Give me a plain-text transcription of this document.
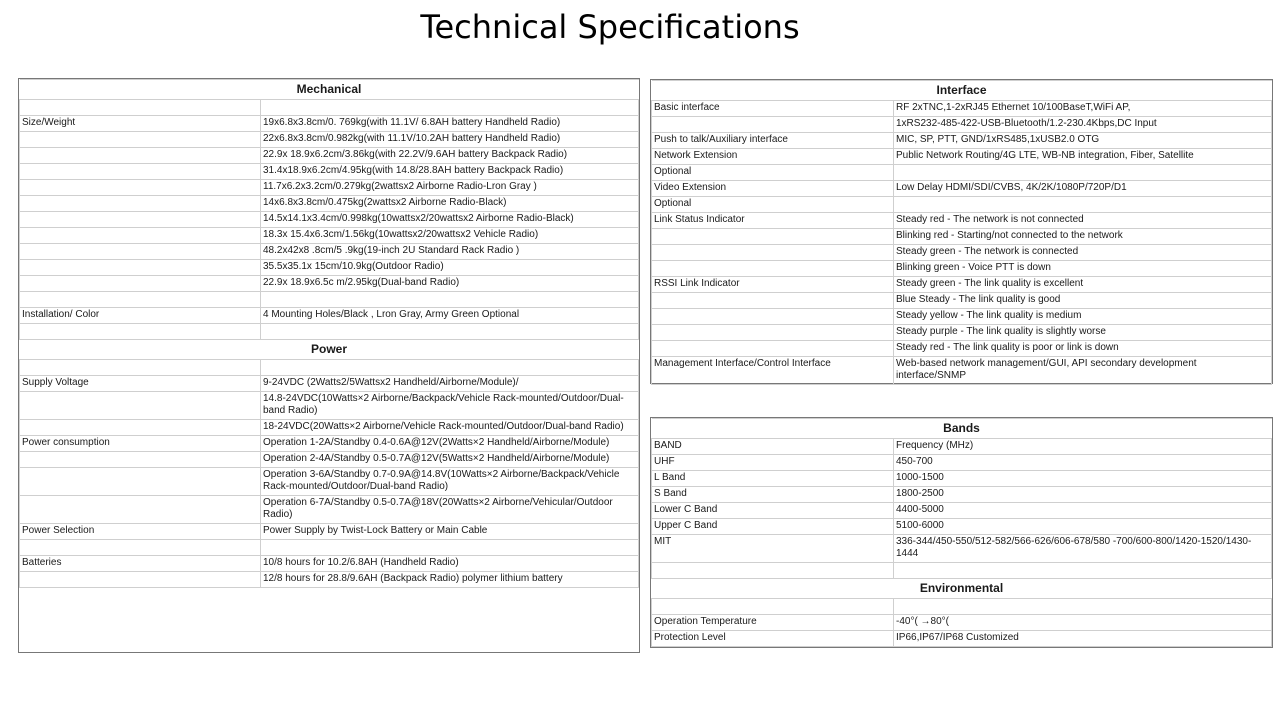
Technical Specifications
Mechanical	

Size/Weight	19x6.8x3.8cm/0. 769kg(with 11.1V/ 6.8AH battery Handheld Radio)
	22x6.8x3.8cm/0.982kg(with 11.1V/10.2AH battery Handheld Radio)
	22.9x 18.9x6.2cm/3.86kg(with 22.2V/9.6AH battery Backpack Radio)
	31.4x18.9x6.2cm/4.95kg(with 14.8/28.8AH battery Backpack Radio)
	11.7x6.2x3.2cm/0.279kg(2wattsx2 Airborne Radio-Lron Gray )
	14x6.8x3.8cm/0.475kg(2wattsx2 Airborne Radio-Black)
	14.5x14.1x3.4cm/0.998kg(10wattsx2/20wattsx2 Airborne Radio-Black)
	18.3x 15.4x6.3cm/1.56kg(10wattsx2/20wattsx2 Vehicle Radio)
	48.2x42x8 .8cm/5 .9kg(19-inch 2U Standard Rack Radio )
	35.5x35.1x 15cm/10.9kg(Outdoor Radio)
	22.9x 18.9x6.5c m/2.95kg(Dual-band Radio)

Installation/ Color	4 Mounting Holes/Black , Lron Gray, Army Green Optional

Power	

Supply Voltage	9-24VDC (2Watts2/5Wattsx2 Handheld/Airborne/Module)/
	14.8-24VDC(10Watts×2 Airborne/Backpack/Vehicle Rack-mounted/Outdoor/Dual-band Radio)
	18-24VDC(20Watts×2 Airborne/Vehicle Rack-mounted/Outdoor/Dual-band Radio)
Power consumption	Operation 1-2A/Standby 0.4-0.6A@12V(2Watts×2 Handheld/Airborne/Module)
	Operation 2-4A/Standby 0.5-0.7A@12V(5Watts×2 Handheld/Airborne/Module)
	Operation 3-6A/Standby 0.7-0.9A@14.8V(10Watts×2 Airborne/Backpack/Vehicle Rack-mounted/Outdoor/Dual-band Radio)
	Operation 6-7A/Standby 0.5-0.7A@18V(20Watts×2 Airborne/Vehicular/Outdoor Radio)
Power Selection	Power Supply by Twist-Lock Battery or Main Cable

Batteries	10/8 hours for 10.2/6.8AH (Handheld Radio)
	12/8 hours for 28.8/9.6AH (Backpack Radio) polymer lithium battery
Interface	
Basic interface	RF 2xTNC,1-2xRJ45 Ethernet 10/100BaseT,WiFi AP,
	1xRS232-485-422-USB-Bluetooth/1.2-230.4Kbps,DC Input
Push to talk/Auxiliary interface	MIC, SP, PTT, GND/1xRS485,1xUSB2.0 OTG
Network Extension	Public Network Routing/4G LTE, WB-NB integration, Fiber, Satellite
Optional	
Video Extension	Low Delay HDMI/SDI/CVBS, 4K/2K/1080P/720P/D1
Optional	
Link Status Indicator	Steady red - The network is not connected
	Blinking red - Starting/not connected to the network
	Steady green - The network is connected
	Blinking green - Voice PTT is down
RSSI Link Indicator	Steady green - The link quality is excellent
	Blue Steady - The link quality is good
	Steady yellow - The link quality is medium
	Steady purple - The link quality is slightly worse
	Steady red - The link quality is poor or link is down
Management Interface/Control Interface	Web-based network management/GUI, API secondary development interface/SNMP
Bands	
BAND	Frequency (MHz)
UHF	450-700
L Band	1000-1500
S Band	1800-2500
Lower C Band	4400-5000
Upper C Band	5100-6000
MIT	336-344/450-550/512-582/566-626/606-678/580 -700/600-800/1420-1520/1430- 1444

Environmental	

Operation Temperature	-40°( →80°(
Protection Level	IP66,IP67/IP68 Customized
